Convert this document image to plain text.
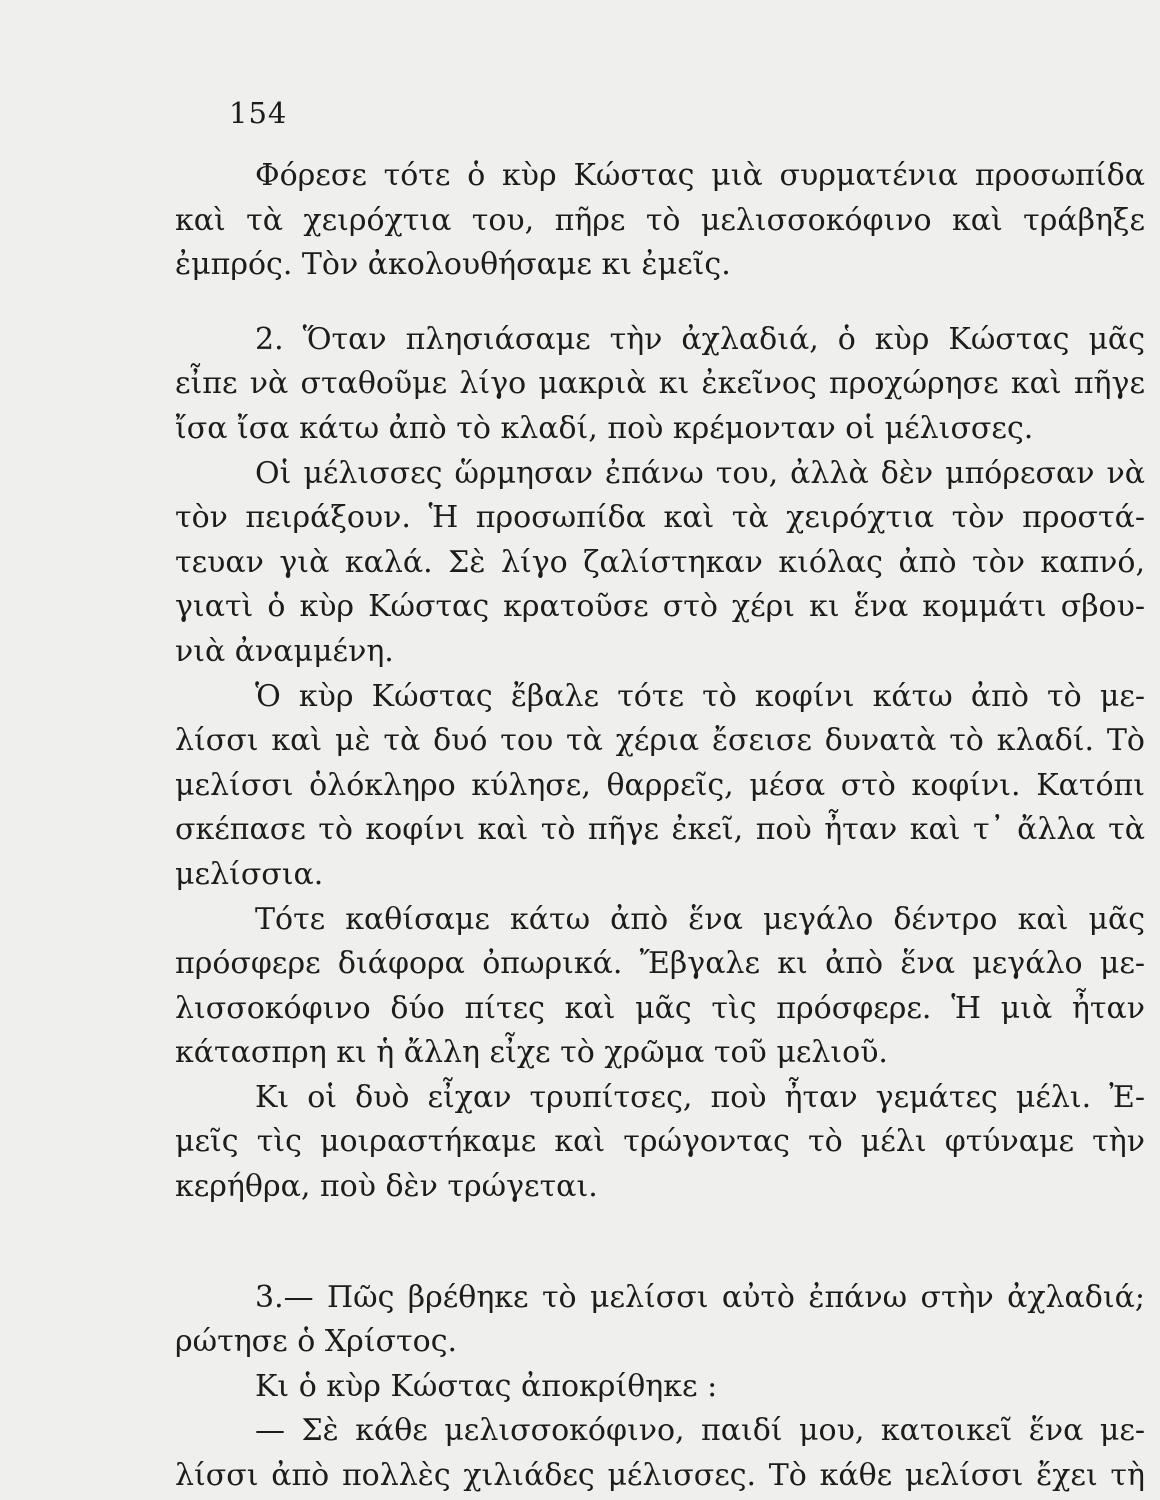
154
Φόρεσε τότε ὁ κὺρ Κώστας μιὰ συρματένια προσωπίδα
καὶ τὰ χειρόχτια του, πῆρε τὸ μελισσοκόφινο καὶ τράβηξε
ἐμπρός. Τὸν ἀκολουθήσαμε κι ἐμεῖς.
2. Ὅταν πλησιάσαμε τὴν ἀχλαδιά, ὁ κὺρ Κώστας μᾶς
εἶπε νὰ σταθοῦμε λίγο μακριὰ κι ἐκεῖνος προχώρησε καὶ πῆγε
ἴσα ἴσα κάτω ἀπὸ τὸ κλαδί, ποὺ κρέμονταν οἱ μέλισσες.
Οἱ μέλισσες ὥρμησαν ἐπάνω του, ἀλλὰ δὲν μπόρεσαν νὰ
τὸν πειράξουν. Ἡ προσωπίδα καὶ τὰ χειρόχτια τὸν προστά-
τευαν γιὰ καλά. Σὲ λίγο ζαλίστηκαν κιόλας ἀπὸ τὸν καπνό,
γιατὶ ὁ κὺρ Κώστας κρατοῦσε στὸ χέρι κι ἕνα κομμάτι σβου-
νιὰ ἀναμμένη.
Ὁ κὺρ Κώστας ἔβαλε τότε τὸ κοφίνι κάτω ἀπὸ τὸ με-
λίσσι καὶ μὲ τὰ δυό του τὰ χέρια ἔσεισε δυνατὰ τὸ κλαδί. Τὸ
μελίσσι ὁλόκληρο κύλησε, θαρρεῖς, μέσα στὸ κοφίνι. Κατόπι
σκέπασε τὸ κοφίνι καὶ τὸ πῆγε ἐκεῖ, ποὺ ἦταν καὶ τ᾽ ἄλλα τὰ
μελίσσια.
Τότε καθίσαμε κάτω ἀπὸ ἕνα μεγάλο δέντρο καὶ μᾶς
πρόσφερε διάφορα ὀπωρικά. Ἔβγαλε κι ἀπὸ ἕνα μεγάλο με-
λισσοκόφινο δύο πίτες καὶ μᾶς τὶς πρόσφερε. Ἡ μιὰ ἦταν
κάτασπρη κι ἡ ἄλλη εἶχε τὸ χρῶμα τοῦ μελιοῦ.
Κι οἱ δυὸ εἶχαν τρυπίτσες, ποὺ ἦταν γεμάτες μέλι. Ἐ-
μεῖς τὶς μοιραστήκαμε καὶ τρώγοντας τὸ μέλι φτύναμε τὴν
κερήθρα, ποὺ δὲν τρώγεται.
3.— Πῶς βρέθηκε τὸ μελίσσι αὐτὸ ἐπάνω στὴν ἀχλαδιά;
ρώτησε ὁ Χρίστος.
Κι ὁ κὺρ Κώστας ἀποκρίθηκε :
— Σὲ κάθε μελισσοκόφινο, παιδί μου, κατοικεῖ ἕνα με-
λίσσι ἀπὸ πολλὲς χιλιάδες μέλισσες. Τὸ κάθε μελίσσι ἔχει τὴ
